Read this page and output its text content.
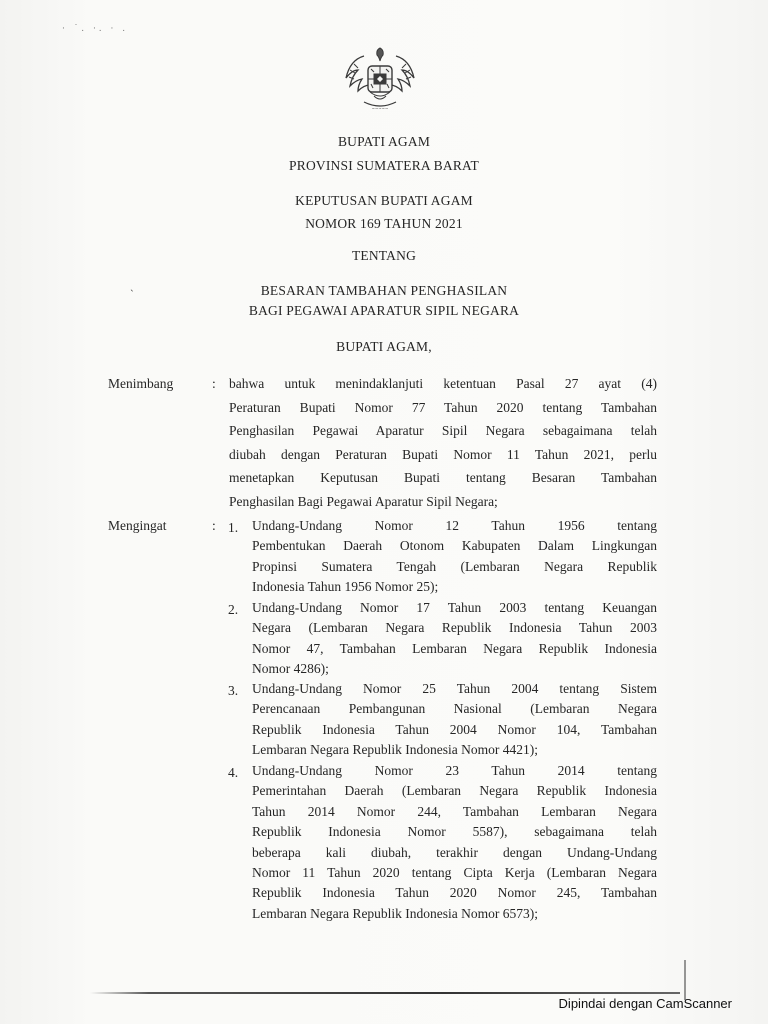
· ˙. ·. · .
~~~~~
BUPATI AGAM
PROVINSI SUMATERA BARAT
KEPUTUSAN BUPATI AGAM
NOMOR 169 TAHUN 2021
TENTANG
˴	BESARAN TAMBAHAN PENGHASILAN
BAGI PEGAWAI APARATUR SIPIL NEGARA
BUPATI AGAM,
Menimbang	: bahwa untuk menindaklanjuti ketentuan Pasal 27 ayat (4)
Peraturan Bupati Nomor 77 Tahun 2020 tentang Tambahan
Penghasilan Pegawai Aparatur Sipil Negara sebagaimana telah
diubah dengan Peraturan Bupati Nomor 11 Tahun 2021, perlu
menetapkan Keputusan Bupati tentang Besaran Tambahan
Penghasilan Bagi Pegawai Aparatur Sipil Negara;
Mengingat	: 1. Undang-Undang Nomor 12 Tahun 1956 tentang
Pembentukan Daerah Otonom Kabupaten Dalam Lingkungan
Propinsi Sumatera Tengah (Lembaran Negara Republik
Indonesia Tahun 1956 Nomor 25);
2. Undang-Undang Nomor 17 Tahun 2003 tentang Keuangan
Negara (Lembaran Negara Republik Indonesia Tahun 2003
Nomor 47, Tambahan Lembaran Negara Republik Indonesia
Nomor 4286);
3. Undang-Undang Nomor 25 Tahun 2004 tentang Sistem
Perencanaan Pembangunan Nasional (Lembaran Negara
Republik Indonesia Tahun 2004 Nomor 104, Tambahan
Lembaran Negara Republik Indonesia Nomor 4421);
4. Undang-Undang Nomor 23 Tahun 2014 tentang
Pemerintahan Daerah (Lembaran Negara Republik Indonesia
Tahun 2014 Nomor 244, Tambahan Lembaran Negara
Republik Indonesia Nomor 5587), sebagaimana telah
beberapa kali diubah, terakhir dengan Undang-Undang
Nomor 11 Tahun 2020 tentang Cipta Kerja (Lembaran Negara
Republik Indonesia Tahun 2020 Nomor 245, Tambahan
Lembaran Negara Republik Indonesia Nomor 6573);
Dipindai dengan CamScanner
